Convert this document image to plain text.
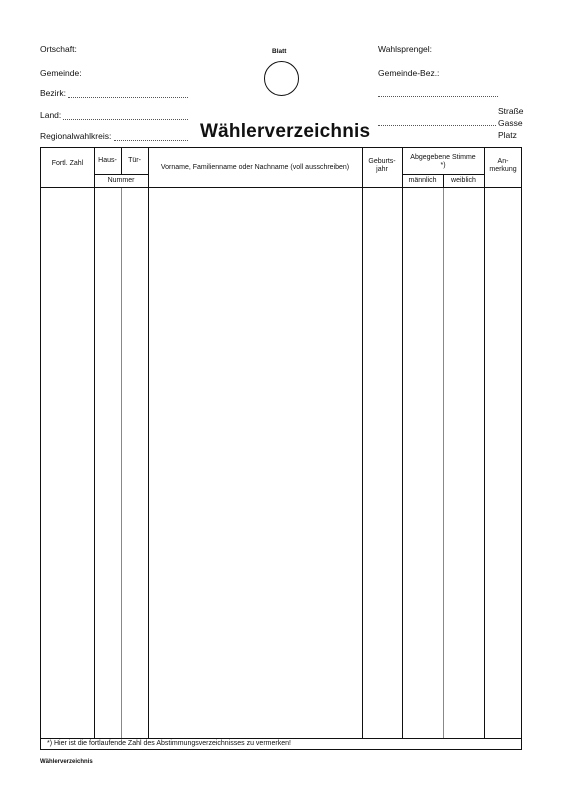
Ortschaft:
Gemeinde:
Bezirk:
Land:
Regionalwahlkreis:
Blatt
Wählerverzeichnis
Wahlsprengel:
Gemeinde-Bez.:
Straße
Gasse
Platz
Fortl. Zahl	Haus-	Tür-
Nummer
Vorname, Familienname oder Nachname (voll ausschreiben)
Geburts- jahr
Abgegebene Stimme *)
männlich	weiblich
An- merkung
*) Hier ist die fortlaufende Zahl des Abstimmungsverzeichnisses zu vermerken!
Wählerverzeichnis
